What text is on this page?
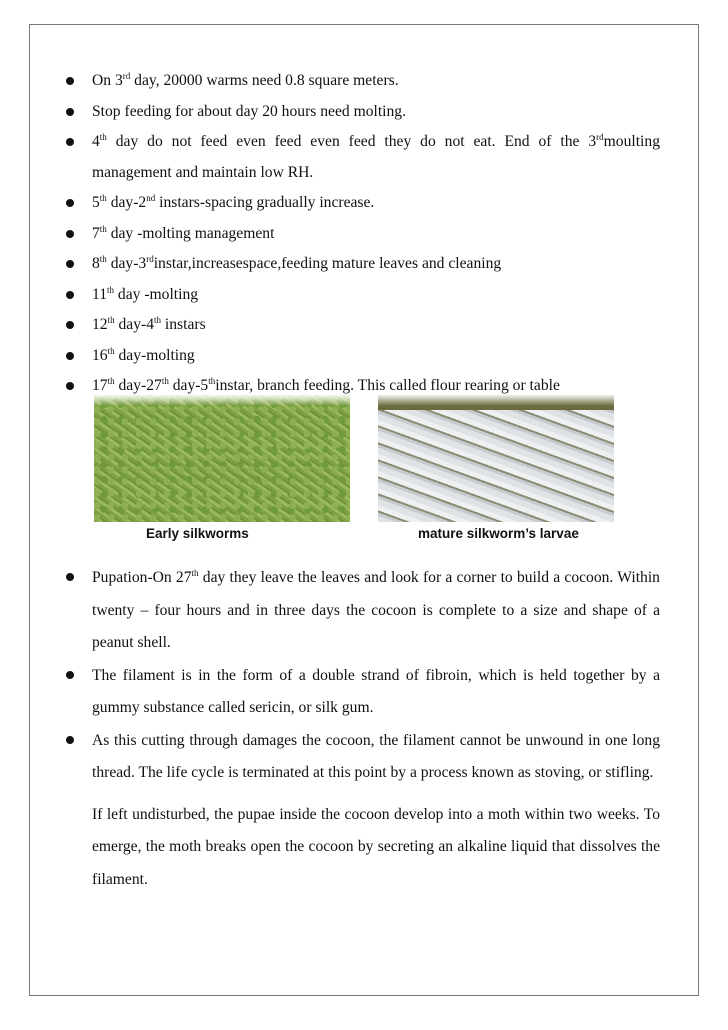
On 3rd day, 20000 warms need 0.8 square meters.
Stop feeding for about day 20 hours need molting.
4th day do not feed even feed even feed they do not eat. End of the 3rdmoulting management and maintain low RH.
5th day-2nd instars-spacing gradually increase.
7th day -molting management
8th day-3rdinstar,increasespace,feeding mature leaves and cleaning
11th day -molting
12th day-4th instars
16th day-molting
17th day-27th day-5thinstar, branch feeding. This called flour rearing or table
Early silkworms	mature silkworm’s larvae
Pupation-On 27th day they leave the leaves and look for a corner to build a cocoon. Within twenty – four hours and in three days the cocoon is complete to a size and shape of a peanut shell.
The filament is in the form of a double strand of fibroin, which is held together by a gummy substance called sericin, or silk gum.
As this cutting through damages the cocoon, the filament cannot be unwound in one long thread. The life cycle is terminated at this point by a process known as stoving, or stifling.

If left undisturbed, the pupae inside the cocoon develop into a moth within two weeks. To emerge, the moth breaks open the cocoon by secreting an alkaline liquid that dissolves the filament.
